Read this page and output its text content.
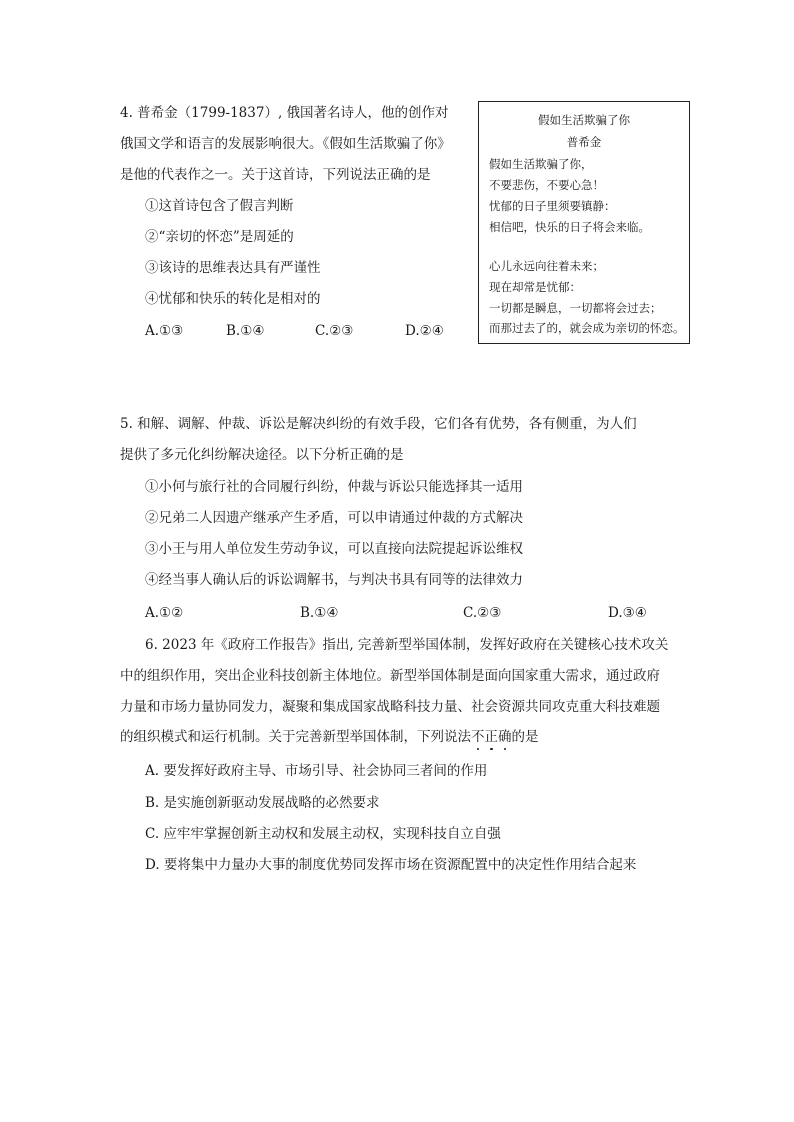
4. 普希金（1799-1837）, 俄国著名诗人，他的创作对
俄国文学和语言的发展影响很大。《假如生活欺骗了你》
是他的代表作之一。关于这首诗，下列说法正确的是
①这首诗包含了假言判断
②“亲切的怀恋”是周延的
③该诗的思维表达具有严谨性
④忧郁和快乐的转化是相对的
A.①③	B.①④	C.②③	D.②④
假如生活欺骗了你
普希金
假如生活欺骗了你，
不要悲伤，不要心急！
忧郁的日子里须要镇静：
相信吧，快乐的日子将会来临。
心儿永远向往着未来；
现在却常是忧郁：
一切都是瞬息，一切都将会过去；
而那过去了的，就会成为亲切的怀恋。
5. 和解、调解、仲裁、诉讼是解决纠纷的有效手段，它们各有优势，各有侧重，为人们
提供了多元化纠纷解决途径。以下分析正确的是
①小何与旅行社的合同履行纠纷，仲裁与诉讼只能选择其一适用
②兄弟二人因遗产继承产生矛盾，可以申请通过仲裁的方式解决
③小王与用人单位发生劳动争议，可以直接向法院提起诉讼维权
④经当事人确认后的诉讼调解书，与判决书具有同等的法律效力
A.①②	B.①④	C.②③	D.③④
6. 2023 年《政府工作报告》指出, 完善新型举国体制，发挥好政府在关键核心技术攻关
中的组织作用，突出企业科技创新主体地位。新型举国体制是面向国家重大需求，通过政府
力量和市场力量协同发力，凝聚和集成国家战略科技力量、社会资源共同攻克重大科技难题
的组织模式和运行机制。关于完善新型举国体制，下列说法不正确的是
A. 要发挥好政府主导、市场引导、社会协同三者间的作用
B. 是实施创新驱动发展战略的必然要求
C. 应牢牢掌握创新主动权和发展主动权，实现科技自立自强
D. 要将集中力量办大事的制度优势同发挥市场在资源配置中的决定性作用结合起来
